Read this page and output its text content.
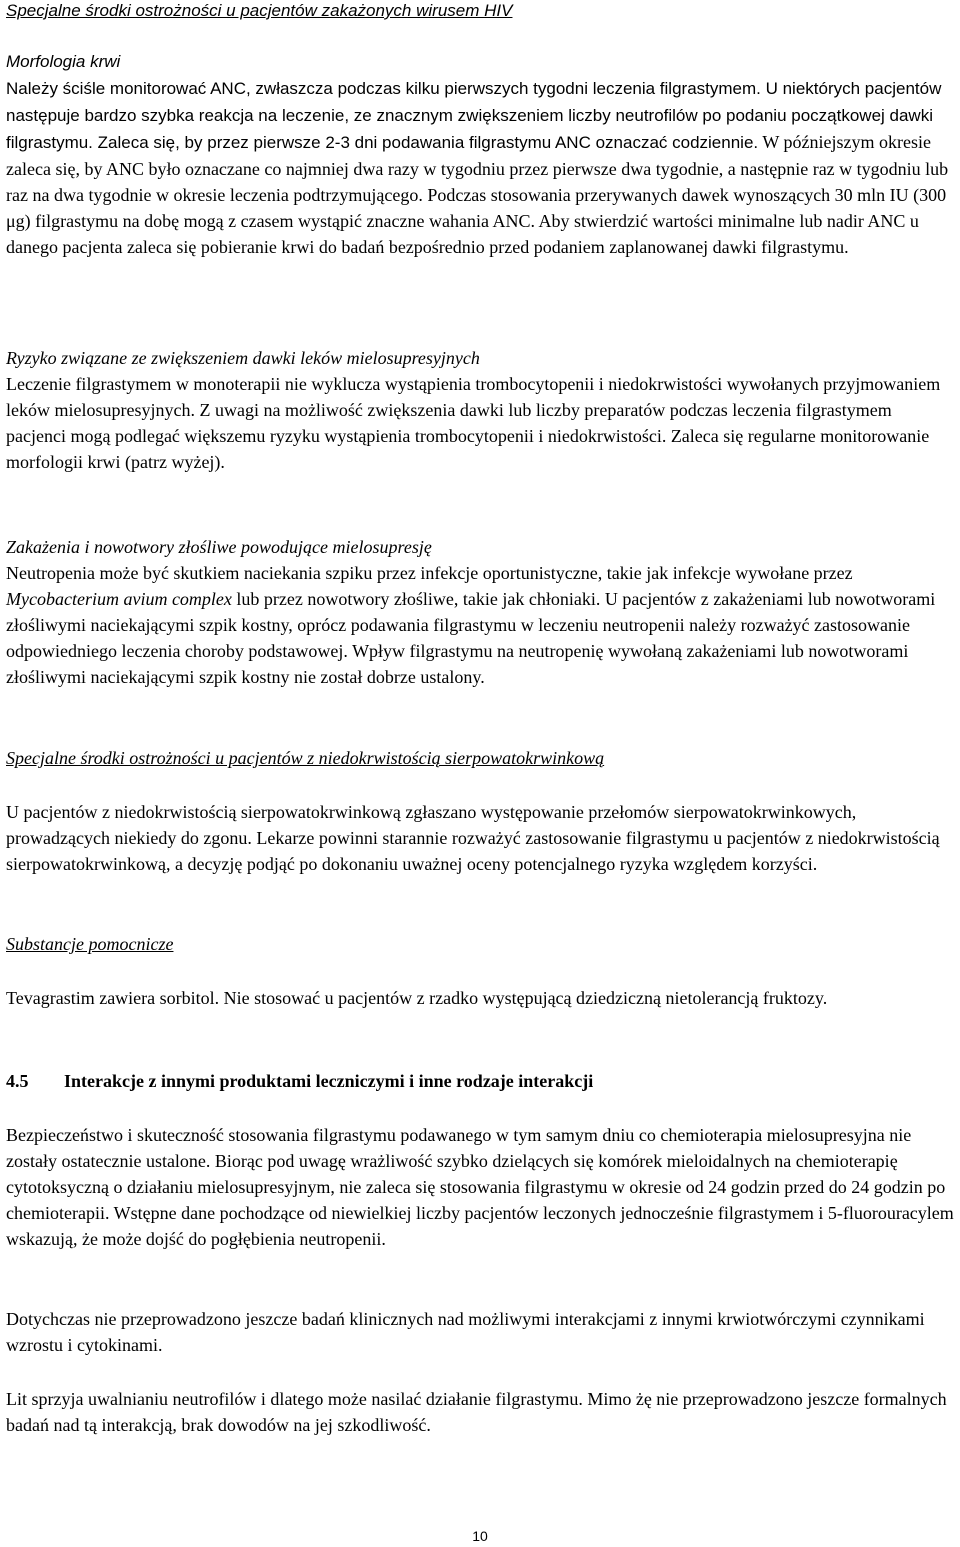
Specjalne środki ostrożności u pacjentów zakażonych wirusem HIV
Morfologia krwi

Należy ściśle monitorować ANC, zwłaszcza podczas kilku pierwszych tygodni leczenia filgrastymem. U niektórych pacjentów następuje bardzo szybka reakcja na leczenie, ze znacznym zwiększeniem liczby neutrofilów po podaniu początkowej dawki filgrastymu. Zaleca się, by przez pierwsze 2-3 dni podawania filgrastymu ANC oznaczać codziennie. W późniejszym okresie zaleca się, by ANC było oznaczane co najmniej dwa razy w tygodniu przez pierwsze dwa tygodnie, a następnie raz w tygodniu lub raz na dwa tygodnie w okresie leczenia podtrzymującego. Podczas stosowania przerywanych dawek wynoszących 30 mln IU (300 μg) filgrastymu na dobę mogą z czasem wystąpić znaczne wahania ANC. Aby stwierdzić wartości minimalne lub nadir ANC u danego pacjenta zaleca się pobieranie krwi do badań bezpośrednio przed podaniem zaplanowanej dawki filgrastymu.

Ryzyko związane ze zwiększeniem dawki leków mielosupresyjnych

Leczenie filgrastymem w monoterapii nie wyklucza wystąpienia trombocytopenii i niedokrwistości wywołanych przyjmowaniem leków mielosupresyjnych. Z uwagi na możliwość zwiększenia dawki lub liczby preparatów podczas leczenia filgrastymem pacjenci mogą podlegać większemu ryzyku wystąpienia trombocytopenii i niedokrwistości. Zaleca się regularne monitorowanie morfologii krwi (patrz wyżej).

Zakażenia i nowotwory złośliwe powodujące mielosupresję

Neutropenia może być skutkiem naciekania szpiku przez infekcje oportunistyczne, takie jak infekcje wywołane przez Mycobacterium avium complex lub przez nowotwory złośliwe, takie jak chłoniaki. U pacjentów z zakażeniami lub nowotworami złośliwymi naciekającymi szpik kostny, oprócz podawania filgrastymu w leczeniu neutropenii należy rozważyć zastosowanie odpowiedniego leczenia choroby podstawowej. Wpływ filgrastymu na neutropenię wywołaną zakażeniami lub nowotworami złośliwymi naciekającymi szpik kostny nie został dobrze ustalony.

Specjalne środki ostrożności u pacjentów z niedokrwistością sierpowatokrwinkową

U pacjentów z niedokrwistością sierpowatokrwinkową zgłaszano występowanie przełomów sierpowatokrwinkowych, prowadzących niekiedy do zgonu. Lekarze powinni starannie rozważyć zastosowanie filgrastymu u pacjentów z niedokrwistością sierpowatokrwinkową, a decyzję podjąć po dokonaniu uważnej oceny potencjalnego ryzyka względem korzyści.

Substancje pomocnicze

Tevagrastim zawiera sorbitol. Nie stosować u pacjentów z rzadko występującą dziedziczną nietolerancją fruktozy.

4.5 Interakcje z innymi produktami leczniczymi i inne rodzaje interakcji

Bezpieczeństwo i skuteczność stosowania filgrastymu podawanego w tym samym dniu co chemioterapia mielosupresyjna nie zostały ostatecznie ustalone. Biorąc pod uwagę wrażliwość szybko dzielących się komórek mieloidalnych na chemioterapię cytotoksyczną o działaniu mielosupresyjnym, nie zaleca się stosowania filgrastymu w okresie od 24 godzin przed do 24 godzin po chemioterapii. Wstępne dane pochodzące od niewielkiej liczby pacjentów leczonych jednocześnie filgrastymem i 5-fluorouracylem wskazują, że może dojść do pogłębienia neutropenii.

Dotychczas nie przeprowadzono jeszcze badań klinicznych nad możliwymi interakcjami z innymi krwiotwórczymi czynnikami wzrostu i cytokinami.

Lit sprzyja uwalnianiu neutrofilów i dlatego może nasilać działanie filgrastymu. Mimo żę nie przeprowadzono jeszcze formalnych badań nad tą interakcją, brak dowodów na jej szkodliwość.

10
